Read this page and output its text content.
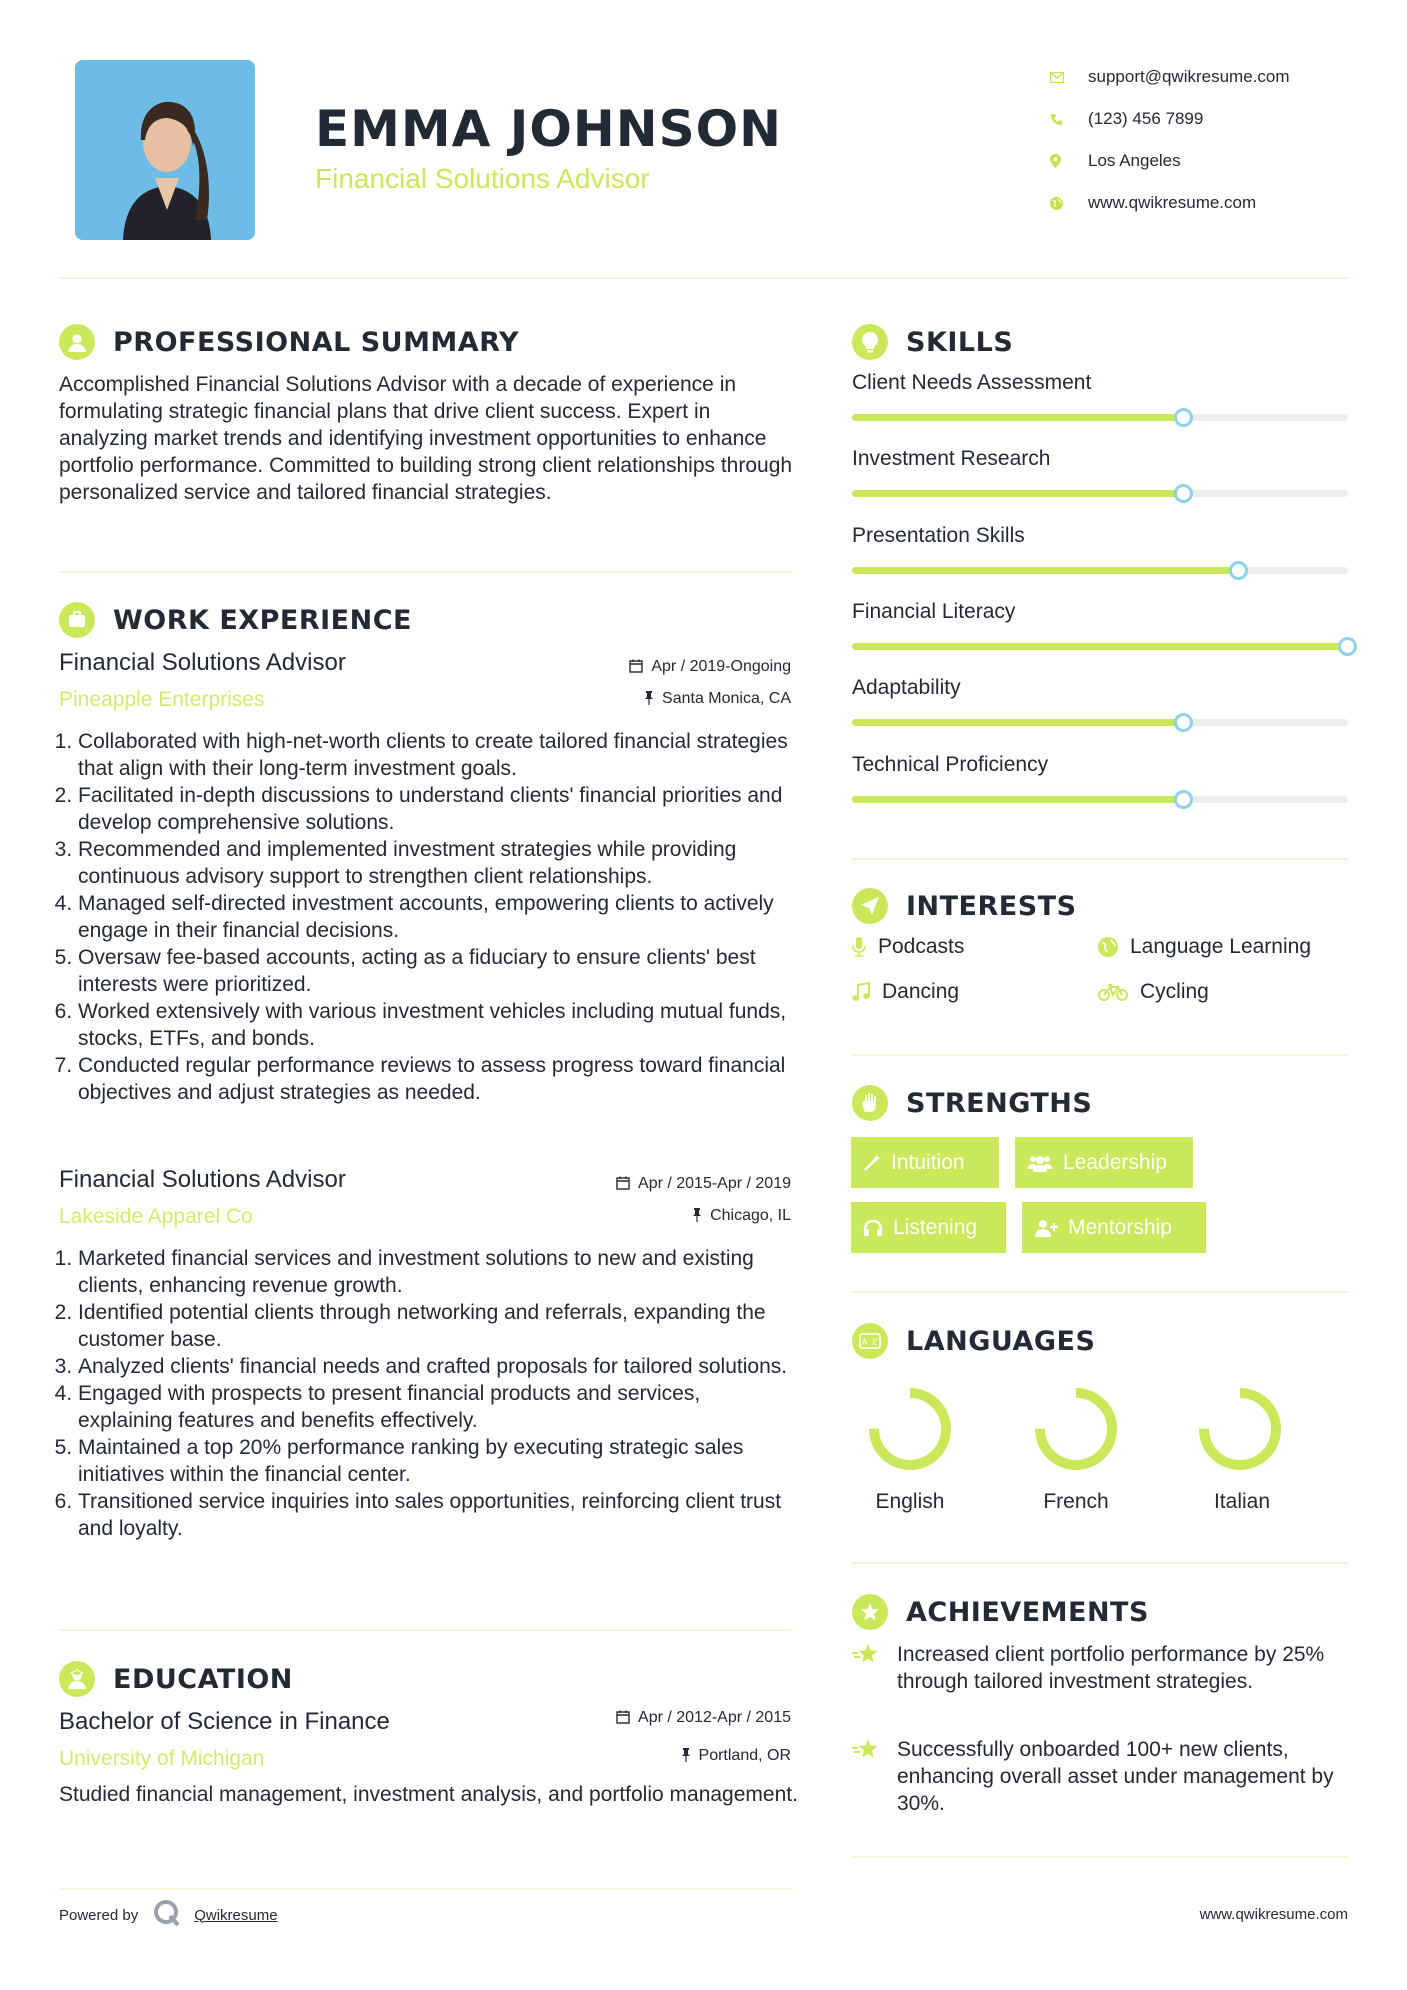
EMMA JOHNSON
Financial Solutions Advisor
support@qwikresume.com
(123) 456 7899
Los Angeles
www.qwikresume.com
PROFESSIONAL SUMMARY
Accomplished Financial Solutions Advisor with a decade of experience in formulating strategic financial plans that drive client success. Expert in analyzing market trends and identifying investment opportunities to enhance portfolio performance. Committed to building strong client relationships through personalized service and tailored financial strategies.
WORK EXPERIENCE
Financial Solutions Advisor
Pineapple Enterprises
Apr / 2019-Ongoing
Santa Monica, CA
1. Collaborated with high-net-worth clients to create tailored financial strategies that align with their long-term investment goals.
2. Facilitated in-depth discussions to understand clients' financial priorities and develop comprehensive solutions.
3. Recommended and implemented investment strategies while providing continuous advisory support to strengthen client relationships.
4. Managed self-directed investment accounts, empowering clients to actively engage in their financial decisions.
5. Oversaw fee-based accounts, acting as a fiduciary to ensure clients' best interests were prioritized.
6. Worked extensively with various investment vehicles including mutual funds, stocks, ETFs, and bonds.
7. Conducted regular performance reviews to assess progress toward financial objectives and adjust strategies as needed.
Financial Solutions Advisor
Lakeside Apparel Co
Apr / 2015-Apr / 2019
Chicago, IL
1. Marketed financial services and investment solutions to new and existing clients, enhancing revenue growth.
2. Identified potential clients through networking and referrals, expanding the customer base.
3. Analyzed clients' financial needs and crafted proposals for tailored solutions.
4. Engaged with prospects to present financial products and services, explaining features and benefits effectively.
5. Maintained a top 20% performance ranking by executing strategic sales initiatives within the financial center.
6. Transitioned service inquiries into sales opportunities, reinforcing client trust and loyalty.
EDUCATION
Bachelor of Science in Finance
University of Michigan
Apr / 2012-Apr / 2015
Portland, OR
Studied financial management, investment analysis, and portfolio management.
SKILLS
Client Needs Assessment
Investment Research
Presentation Skills
Financial Literacy
Adaptability
Technical Proficiency
INTERESTS
Podcasts	Language Learning
Dancing	Cycling
STRENGTHS
Intuition	Leadership
Listening	Mentorship
A 文 LANGUAGES
English	French	Italian
ACHIEVEMENTS
Increased client portfolio performance by 25% through tailored investment strategies.
Successfully onboarded 100+ new clients, enhancing overall asset under management by 30%.
Powered by	Qwikresume	www.qwikresume.com
